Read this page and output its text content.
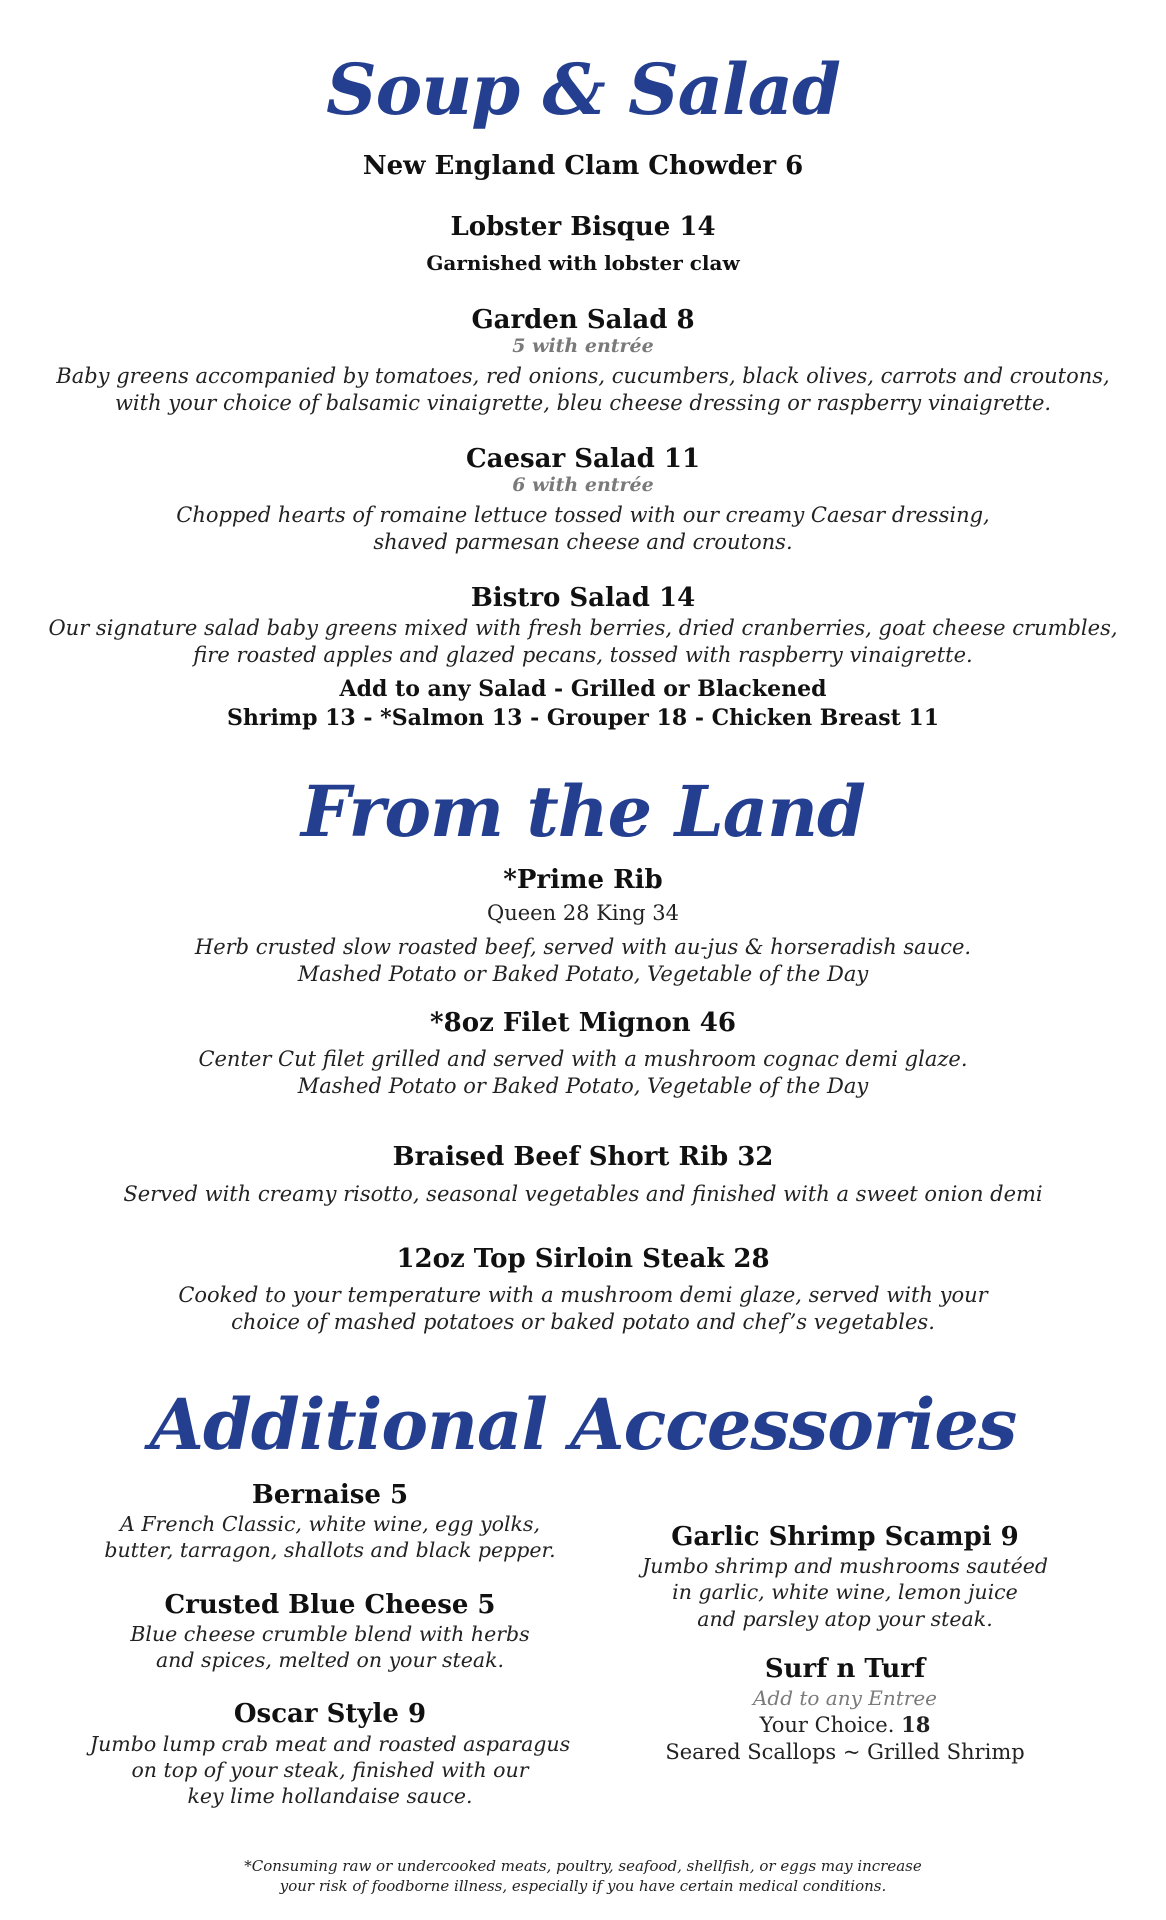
Soup & Salad
New England Clam Chowder 6
Lobster Bisque 14
Garnished with lobster claw
Garden Salad 8
5 with entrée
Baby greens accompanied by tomatoes, red onions, cucumbers, black olives, carrots and croutons,
with your choice of balsamic vinaigrette, bleu cheese dressing or raspberry vinaigrette.
Caesar Salad 11
6 with entrée
Chopped hearts of romaine lettuce tossed with our creamy Caesar dressing,
shaved parmesan cheese and croutons.
Bistro Salad 14
Our signature salad baby greens mixed with fresh berries, dried cranberries, goat cheese crumbles,
fire roasted apples and glazed pecans, tossed with raspberry vinaigrette.
Add to any Salad - Grilled or Blackened
Shrimp 13 - *Salmon 13 - Grouper 18 - Chicken Breast 11
From the Land
*Prime Rib
Queen 28 King 34
Herb crusted slow roasted beef, served with au-jus & horseradish sauce.
Mashed Potato or Baked Potato, Vegetable of the Day
*8oz Filet Mignon 46
Center Cut filet grilled and served with a mushroom cognac demi glaze.
Mashed Potato or Baked Potato, Vegetable of the Day
Braised Beef Short Rib 32
Served with creamy risotto, seasonal vegetables and finished with a sweet onion demi
12oz Top Sirloin Steak 28
Cooked to your temperature with a mushroom demi glaze, served with your
choice of mashed potatoes or baked potato and chef’s vegetables.
Additional Accessories
Bernaise 5
A French Classic, white wine, egg yolks,
butter, tarragon, shallots and black pepper.
Crusted Blue Cheese 5
Blue cheese crumble blend with herbs
and spices, melted on your steak.
Oscar Style 9
Jumbo lump crab meat and roasted asparagus
on top of your steak, finished with our
key lime hollandaise sauce.
Garlic Shrimp Scampi 9
Jumbo shrimp and mushrooms sautéed
in garlic, white wine, lemon juice
and parsley atop your steak.
Surf n Turf
Add to any Entree
Your Choice. 18
Seared Scallops ~ Grilled Shrimp
*Consuming raw or undercooked meats, poultry, seafood, shellfish, or eggs may increase
your risk of foodborne illness, especially if you have certain medical conditions.
